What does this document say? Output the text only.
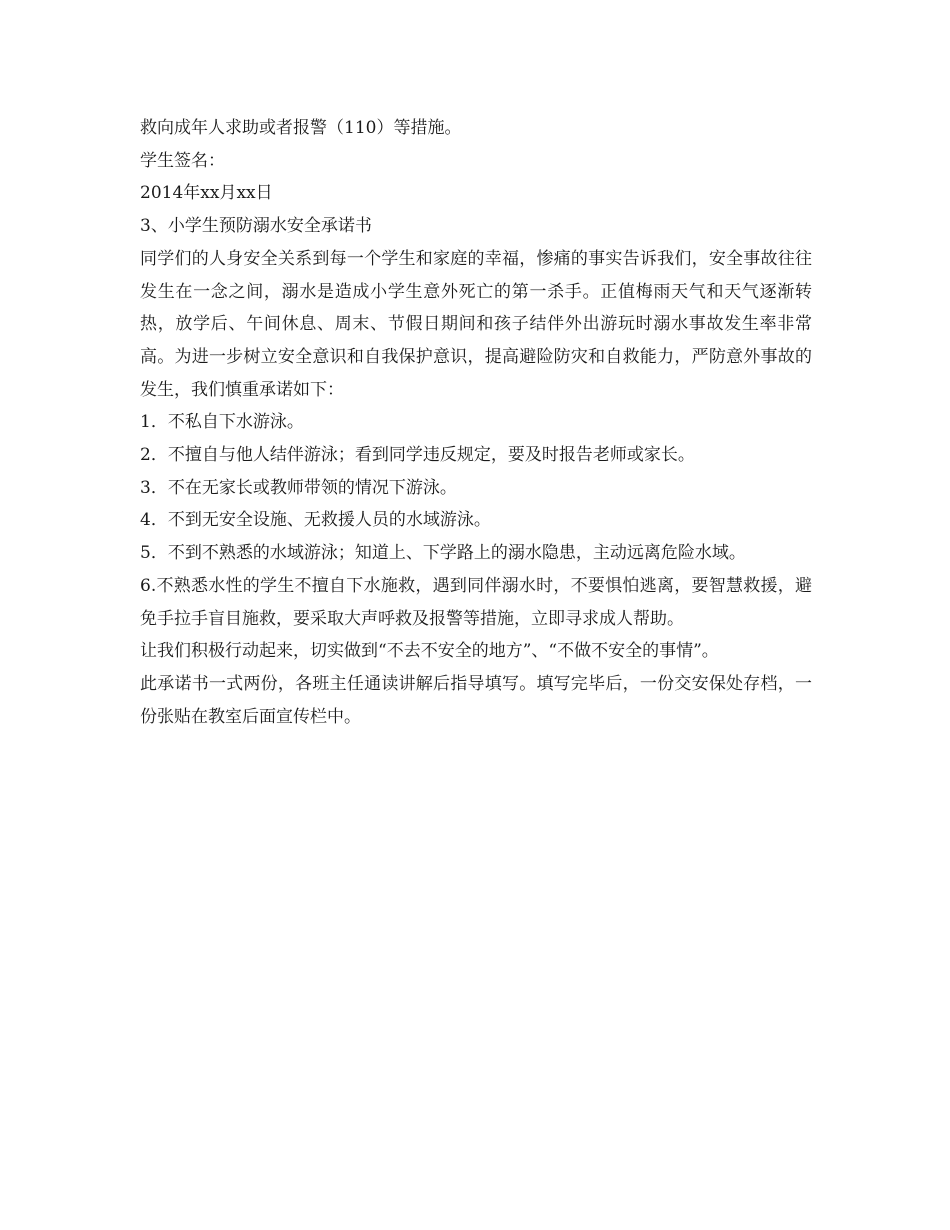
救向成年人求助或者报警（110）等措施。

学生签名：

2014年xx月xx日

3、小学生预防溺水安全承诺书

同学们的人身安全关系到每一个学生和家庭的幸福，惨痛的事实告诉我们，安全事故往往发生在一念之间，溺水是造成小学生意外死亡的第一杀手。正值梅雨天气和天气逐渐转热，放学后、午间休息、周末、节假日期间和孩子结伴外出游玩时溺水事故发生率非常高。为进一步树立安全意识和自我保护意识，提高避险防灾和自救能力，严防意外事故的发生，我们慎重承诺如下：

1．不私自下水游泳。

2．不擅自与他人结伴游泳；看到同学违反规定，要及时报告老师或家长。

3．不在无家长或教师带领的情况下游泳。

4．不到无安全设施、无救援人员的水域游泳。

5．不到不熟悉的水域游泳；知道上、下学路上的溺水隐患，主动远离危险水域。

6.不熟悉水性的学生不擅自下水施救，遇到同伴溺水时，不要惧怕逃离，要智慧救援，避免手拉手盲目施救，要采取大声呼救及报警等措施，立即寻求成人帮助。

让我们积极行动起来，切实做到“不去不安全的地方”、“不做不安全的事情”。

此承诺书一式两份，各班主任通读讲解后指导填写。填写完毕后，一份交安保处存档，一份张贴在教室后面宣传栏中。
